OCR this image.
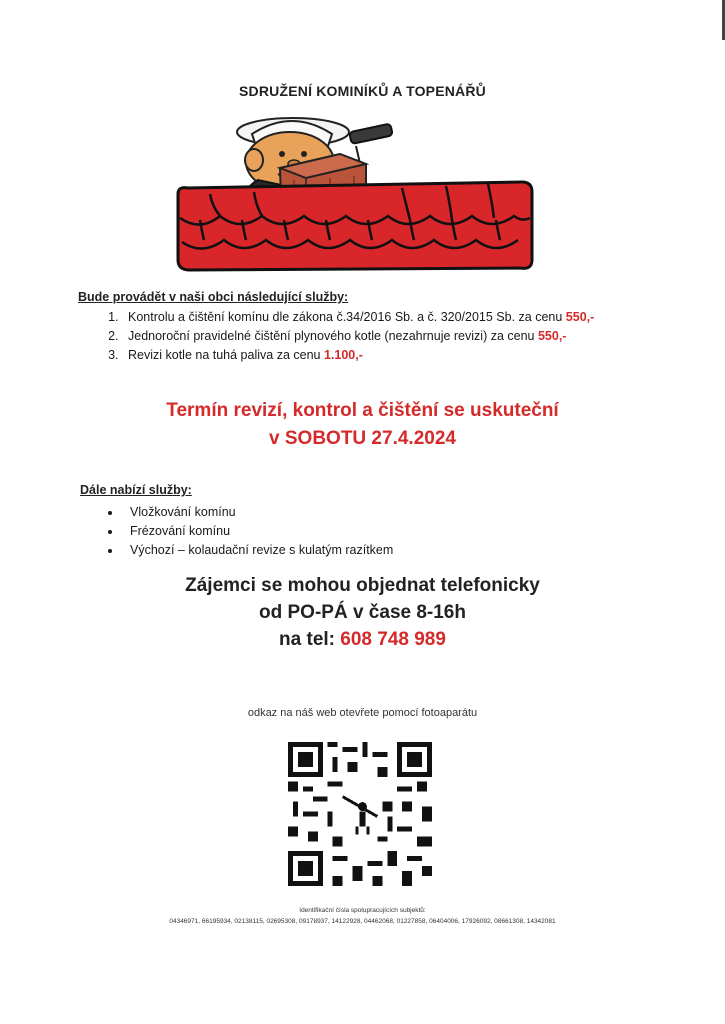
SDRUŽENÍ KOMINÍKŮ A TOPENÁŘŮ
Bude provádět v naši obci následující služby:
1. Kontrolu a čištění komínu dle zákona č.34/2016 Sb. a č. 320/2015 Sb. za cenu 550,-
2. Jednoroční pravidelné čištění plynového kotle (nezahrnuje revizi) za cenu 550,-
3. Revizi kotle na tuhá paliva za cenu 1.100,-
Termín revizí, kontrol a čištění se uskuteční
v SOBOTU 27.4.2024
Dále nabízí služby:
• Vložkování komínu
• Frézování komínu
• Výchozí – kolaudační revize s kulatým razítkem
Zájemci se mohou objednat telefonicky
od PO-PÁ v čase 8-16h
na tel: 608 748 989
odkaz na náš web otevřete pomocí fotoaparátu
Identifikační čísla spolupracujících subjektů:
04346971, 66195934, 02138115, 02695308, 09178937, 14122928, 04462068, 01227858, 06404006, 17926092, 08661308, 14342081
